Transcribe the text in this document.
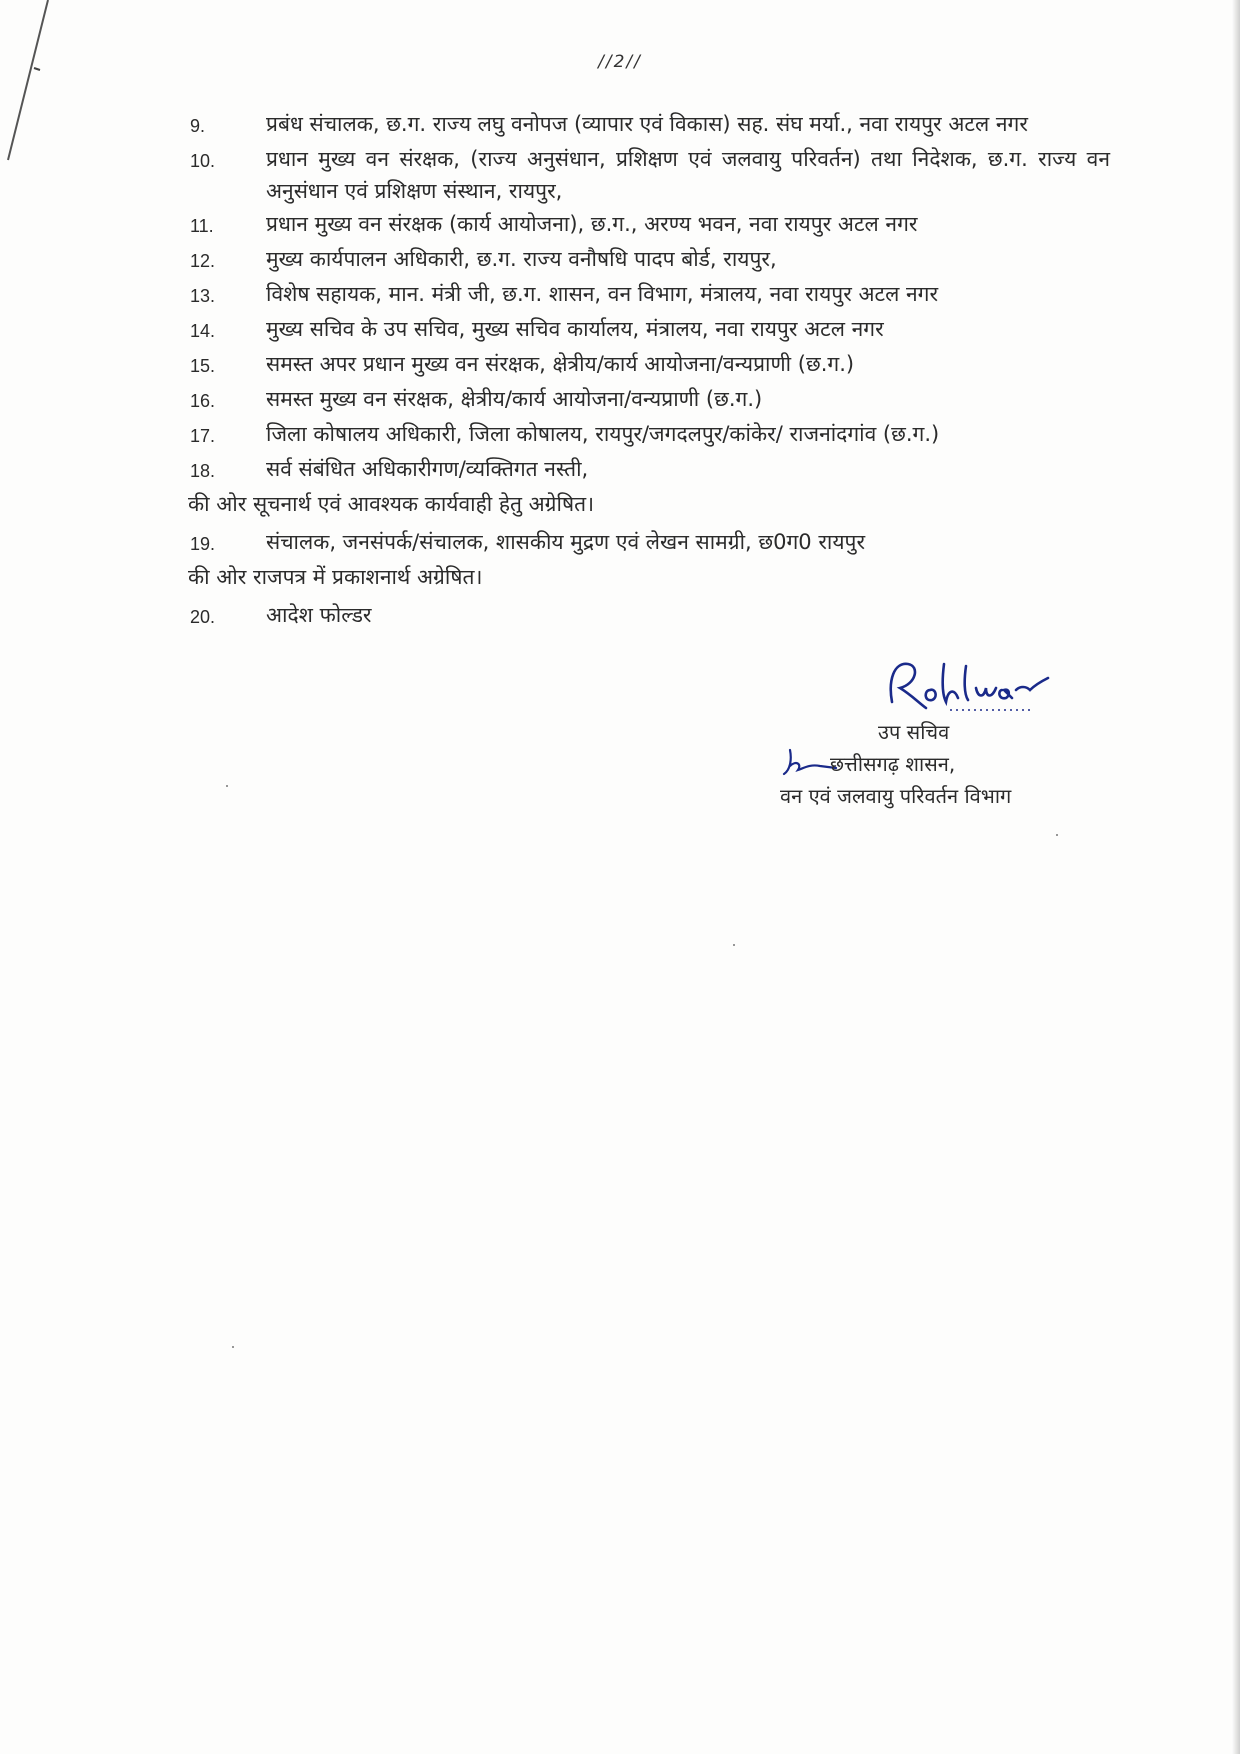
//2//
9.	प्रबंध संचालक, छ.ग. राज्य लघु वनोपज (व्यापार एवं विकास) सह. संघ मर्या., नवा रायपुर अटल नगर
10.	प्रधान मुख्य वन संरक्षक, (राज्य अनुसंधान, प्रशिक्षण एवं जलवायु परिवर्तन) तथा निदेशक, छ.ग. राज्य वन अनुसंधान एवं प्रशिक्षण संस्थान, रायपुर,
11.	प्रधान मुख्य वन संरक्षक (कार्य आयोजना), छ.ग., अरण्य भवन, नवा रायपुर अटल नगर
12.	मुख्य कार्यपालन अधिकारी, छ.ग. राज्य वनौषधि पादप बोर्ड, रायपुर,
13.	विशेष सहायक, मान. मंत्री जी, छ.ग. शासन, वन विभाग, मंत्रालय, नवा रायपुर अटल नगर
14.	मुख्य सचिव के उप सचिव, मुख्य सचिव कार्यालय, मंत्रालय, नवा रायपुर अटल नगर
15.	समस्त अपर प्रधान मुख्य वन संरक्षक, क्षेत्रीय/कार्य आयोजना/वन्यप्राणी (छ.ग.)
16.	समस्त मुख्य वन संरक्षक, क्षेत्रीय/कार्य आयोजना/वन्यप्राणी (छ.ग.)
17.	जिला कोषालय अधिकारी, जिला कोषालय, रायपुर/जगदलपुर/कांकेर/ राजनांदगांव (छ.ग.)
18.	सर्व संबंधित अधिकारीगण/व्यक्तिगत नस्ती,
की ओर सूचनार्थ एवं आवश्यक कार्यवाही हेतु अग्रेषित।
19.	संचालक, जनसंपर्क/संचालक, शासकीय मुद्रण एवं लेखन सामग्री, छ0ग0 रायपुर
की ओर राजपत्र में प्रकाशनार्थ अग्रेषित।
20.	आदेश फोल्डर
उप सचिव
छत्तीसगढ़ शासन,
वन एवं जलवायु परिवर्तन विभाग
